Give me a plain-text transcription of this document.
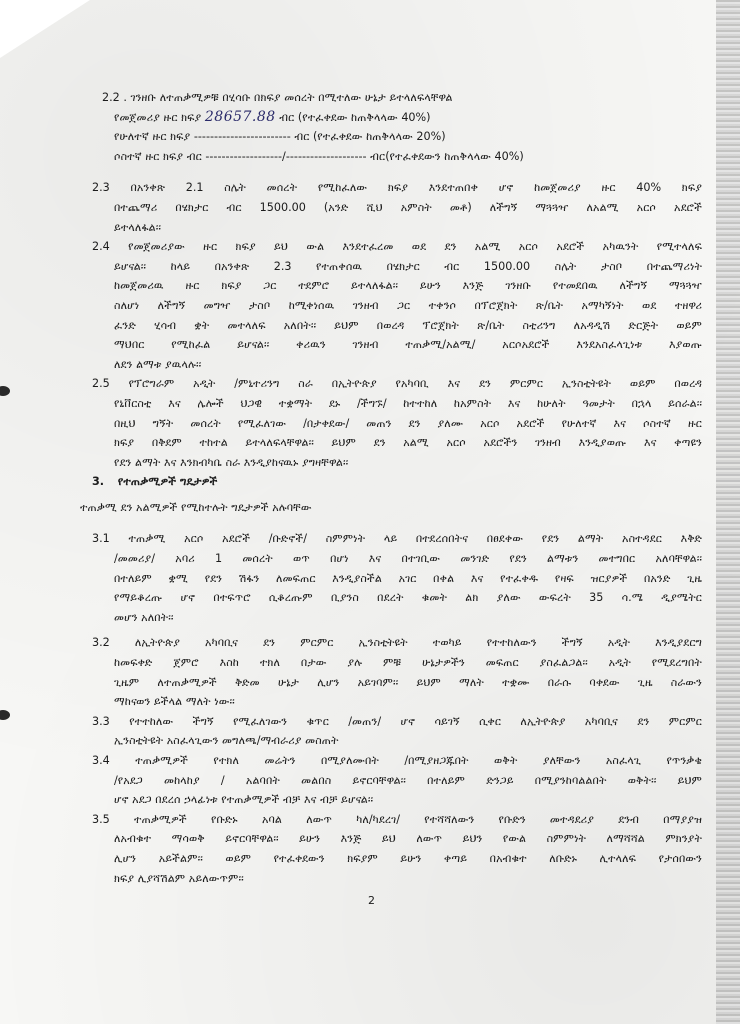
2.2 . ገንዘቡ ለተጠቃሚዎቹ በሂሳቡ በክፍያ መሰረት በሚተለው ሁኔታ ይተላለፍላቸዋል
የመጀመሪያ ዙር ክፍያ 28657.88 ብር (የተፈቀደው ከጠቅላላው 40%)
የሁለተኛ ዙር ክፍያ ------------------------ ብር (የተፈቀደው ከጠቅላላው 20%)
ሶስተኛ ዙር ክፍያ ብር -------------------/-------------------- ብር(የተፈቀደውን ከጠቅላላው 40%)
2.3 በአንቀጽ 2.1 ስሌት መሰረት የሚከፈለው ክፍያ እንደተጠበቀ ሆኖ ከመጀመሪያ ዙር 40% ክፍያ
በተጨማሪ በሄክታር ብር 1500.00 (አንድ ሺህ አምስት መቶ) ለችግኝ ማጓጓዣ ለአልሚ አርሶ አደሮች
ይተላለፋል፡፡
2.4 የመጀመሪያው ዙር ክፍያ ይህ ውል እንደተፈረመ ወደ ደን አልሚ አርሶ አደሮች አካዉንት የሚተላለፍ
ይሆናል፡፡ ከላይ በአንቀጽ 2.3 የተጠቀሰዉ በሄክታር ብር 1500.00 ስሌት ታስቦ በተጨማሪነት
ከመጀመሪዉ ዙር ክፍያ ጋር ተደምሮ ይተላለፋል፡፡ ይሁን እንጅ ገንዘቡ የተመደበዉ ለችግኝ ማጓጓዣ
ስለሆነ ለችግኝ መግዣ ታስቦ ከሚቀነሰዉ ገንዘብ ጋር ተቀንሶ በፕሮጀክት ጽ/ቤት አማካኝነት ወደ ተዘዋሪ
ፈንድ ሂሳብ ቋት መተላለፍ አለበት፡፡ ይህም በወረዳ ፕሮጀክት ጽ/ቤት ስቲሪንግ ለአዳዲሽ ድርጅት ወይም
ማህበር የሚከፈል ይሆናል፡፡ ቀሪዉን ገንዘብ ተጠቃሚ/አልሚ/ አርሶአደሮች እንደአስፈላጊነቱ እያወጡ
ለደን ልማቱ ያዉላሉ፡፡
2.5 የፕሮግራም አዲት /ምኒተሪንግ ስራ በኢትዮጵያ የአካባቢ እና ደን ምርምር ኢንስቲትዩት ወይም በወረዳ
የኒቨርስቲ እና ሌሎች ህጋዊ ተቋማት ደኑ /ችግኙ/ ከተተከለ ከአምስት እና ከሁለት ዓመታት በኋላ ይሰራል፡፡
በዚህ ግኝት መሰረት የሚፈለገው /በታቀደው/ መጠን ደን ያለሙ አርሶ አደሮች የሁለተኛ እና ሶስተኛ ዙር
ክፍያ በቅደም ተከተል ይተላለፍላቸዋል፡፡ ይህም ደን አልሚ አርሶ አደሮችን ገንዘብ እንዲያወጡ እና ቀጣዩን
የደን ልማት እና እንክብካቤ ስራ እንዲያከናዉኑ ያግዛቸዋል፡፡
3. የተጠቃሚዎች ግዴታዎች
ተጠቃሚ ደን አልሚዎች የሚከተሉት ግዴታዎች አሉባቸው
3.1 ተጠቃሚ አርሶ አደሮች /ቡድኖች/ ስምምነት ላይ በተደረሰበትና በፀደቀው የደን ልማት አስተዳደር እቅድ
/መመሪያ/ አባሪ 1 መሰረት ወጥ በሆነ እና በተገቢው መንገድ የደን ልማቱን መተግበር አለባቸዋል፡፡
በተለይም ቋሚ የደን ሽፋን ለመፍጠር እንዲያስችል አገር በቀል እና የተፈቀዱ የዛፍ ዝርያዎች በአንድ ጊዜ
የማይቆረጡ ሆኖ በተፍጥሮ ሲቆረጡም ቢያንስ በደረት ቁመት ልክ ያለው ውፍረት 35 ሳ.ሜ ዲያሜትር
መሆን አለበት፡፡
3.2 ለኢትዮጵያ አካባቢና ደን ምርምር ኢንስቲትዩት ተወካይ የተተከለውን ችግኝ አዲት እንዲያደርግ
ከመፍቀድ ጀምሮ እስከ ተክለ በታው ያሉ ምቹ ሁኔታዎችን መፍጠር ያስፈልጋል፡፡ አዲት የሚደረግበት
ጊዜም ለተጠቃሚዎች ቅድመ ሁኔታ ሊሆን አይገባም፡፡ ይህም ማለት ተቋሙ በራሱ ባቀደው ጊዜ ስራውን
ማከናወን ይችላል ማለት ነው፡፡
3.3 የተተከለው ችግኝ የሚፈለገውን ቁጥር /መጠን/ ሆኖ ሳይገኝ ሲቀር ለኢትዮጵያ አካባቢና ደን ምርምር
ኢንስቲትዩት አስፈላጊውን መግለጫ/ማብራሪያ መስጠት
3.4 ተጠቃሚዎች የተክለ መሬትን በሚያለሙበት /በሚያዘጋጁበት ወቅት ያለቸውን አስፈላጊ የጥንቃቄ
/የአደጋ መከላከያ / አልባበት መልበስ ይኖርባቸዋል፡፡ በተለይም ድንጋይ በሚያንከባልልበት ወቅት፡፡ ይህም
ሆኖ አደጋ በደረሰ ኃላፊነቱ የተጠቃሚዎች ብቻ እና ብቻ ይሆናል፡፡
3.5 ተጠቃሚዎች የቡድኑ አባል ለውጥ ካለ/ካደረገ/ የተሻሻለውን የቡድን መተዳደሪያ ደንብ በማያያዝ
ለአብቁተ ማሳወቅ ይኖርባቸዋል፡፡ ይሁን እንጅ ይህ ለውጥ ይህን የውል ስምምነት ለማሻሻል ምክንያት
ሊሆን አይችልም፡፡ ወይም የተፈቀደውን ክፍያም ይሁን ቀጣይ በአብቁተ ለቡድኑ ሊተላለፍ የታሰበውን
ክፍያ ሊያሻሽልም አይለውጥም፡፡
2
